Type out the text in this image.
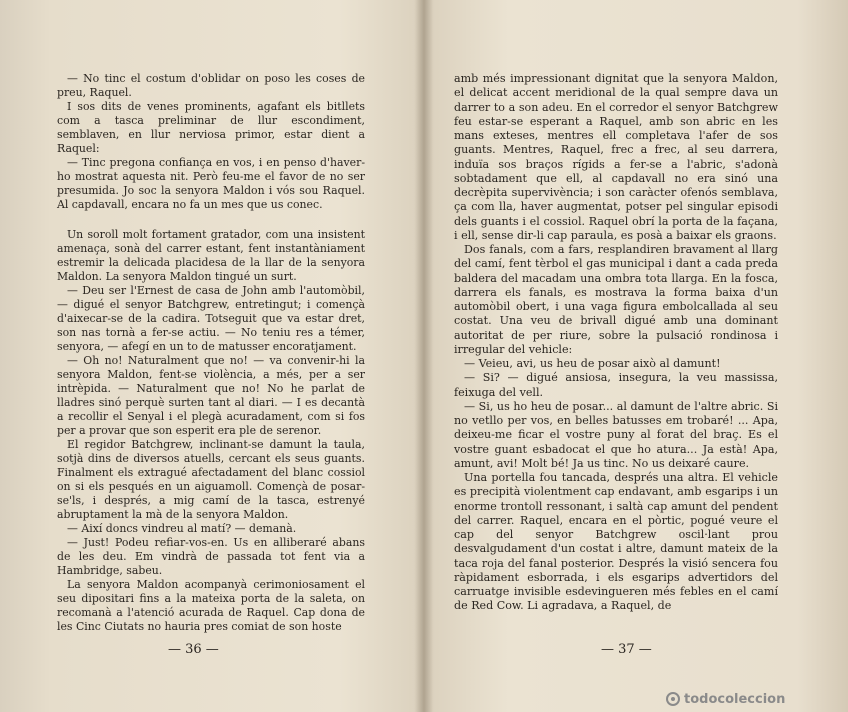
— No tinc el costum d'oblidar on poso les coses de preu, Raquel.

I sos dits de venes prominents, agafant els bitllets com a tasca preliminar de llur escondiment, semblaven, en llur nerviosa primor, estar dient a Raquel:

— Tinc pregona confiança en vos, i en penso d'haver-ho mostrat aquesta nit. Però feu-me el favor de no ser presumida. Jo soc la senyora Maldon i vós sou Raquel. Al capdavall, encara no fa un mes que us conec.

Un soroll molt fortament gratador, com una insistent amenaça, sonà del carrer estant, fent instantàniament estremir la delicada placidesa de la llar de la senyora Maldon. La senyora Maldon tingué un surt.

— Deu ser l'Ernest de casa de John amb l'automòbil, — digué el senyor Batchgrew, entretingut; i començà d'aixecar-se de la cadira. Totseguit que va estar dret, son nas tornà a fer-se actiu. — No teniu res a témer, senyora, — afegí en un to de matusser encoratjament.

— Oh no! Naturalment que no! — va convenir-hi la senyora Maldon, fent-se violència, a més, per a ser intrèpida. — Naturalment que no! No he parlat de lladres sinó perquè surten tant al diari. — I es decantà a recollir el Senyal i el plegà acuradament, com si fos per a provar que son esperit era ple de serenor.

El regidor Batchgrew, inclinant-se damunt la taula, sotjà dins de diversos atuells, cercant els seus guants. Finalment els extragué afectadament del blanc cossiol on si els pesqués en un aiguamoll. Començà de posar-se'ls, i després, a mig camí de la tasca, estrenyé abruptament la mà de la senyora Maldon.

— Així doncs vindreu al matí? — demanà.

— Just! Podeu refiar-vos-en. Us en alliberaré abans de les deu. Em vindrà de passada tot fent via a Hambridge, sabeu.

La senyora Maldon acompanyà cerimoniosament el seu dipositari fins a la mateixa porta de la saleta, on recomanà a l'atenció acurada de Raquel. Cap dona de les Cinc Ciutats no hauria pres comiat de son hoste

— 36 —

amb més impressionant dignitat que la senyora Maldon, el delicat accent meridional de la qual sempre dava un darrer to a son adeu. En el corredor el senyor Batchgrew feu estar-se esperant a Raquel, amb son abric en les mans exteses, mentres ell completava l'afer de sos guants. Mentres, Raquel, frec a frec, al seu darrera, induïa sos braços rígids a fer-se a l'abric, s'adonà sobtadament que ell, al capdavall no era sinó una decrèpita supervivència; i son caràcter ofenós semblava, ça com lla, haver augmentat, potser pel singular episodi dels guants i el cossiol. Raquel obrí la porta de la façana, i ell, sense dir-li cap paraula, es posà a baixar els graons.

Dos fanals, com a fars, resplandiren bravament al llarg del camí, fent tèrbol el gas municipal i dant a cada preda baldera del macadam una ombra tota llarga. En la fosca, darrera els fanals, es mostrava la forma baixa d'un automòbil obert, i una vaga figura embolcallada al seu costat. Una veu de brivall digué amb una dominant autoritat de per riure, sobre la pulsació rondinosa i irregular del vehicle:

— Veieu, avi, us heu de posar això al damunt!

— Si? — digué ansiosa, insegura, la veu massissa, feixuga del vell.

— Si, us ho heu de posar... al damunt de l'altre abric. Si no vetllo per vos, en belles batusses em trobaré! ... Apa, deixeu-me ficar el vostre puny al forat del braç. Es el vostre guant esbadocat el que ho atura... Ja està! Apa, amunt, avi! Molt bé! Ja us tinc. No us deixaré caure.

Una portella fou tancada, després una altra. El vehicle es precipità violentment cap endavant, amb esgarips i un enorme trontoll ressonant, i saltà cap amunt del pendent del carrer. Raquel, encara en el pòrtic, pogué veure el cap del senyor Batchgrew oscil·lant prou desvalgudament d'un costat i altre, damunt mateix de la taca roja del fanal posterior. Després la visió sencera fou ràpidament esborrada, i els esgarips advertidors del carruatge invisible esdevingueren més febles en el camí de Red Cow. Li agradava, a Raquel, de

— 37 —
todocoleccion
